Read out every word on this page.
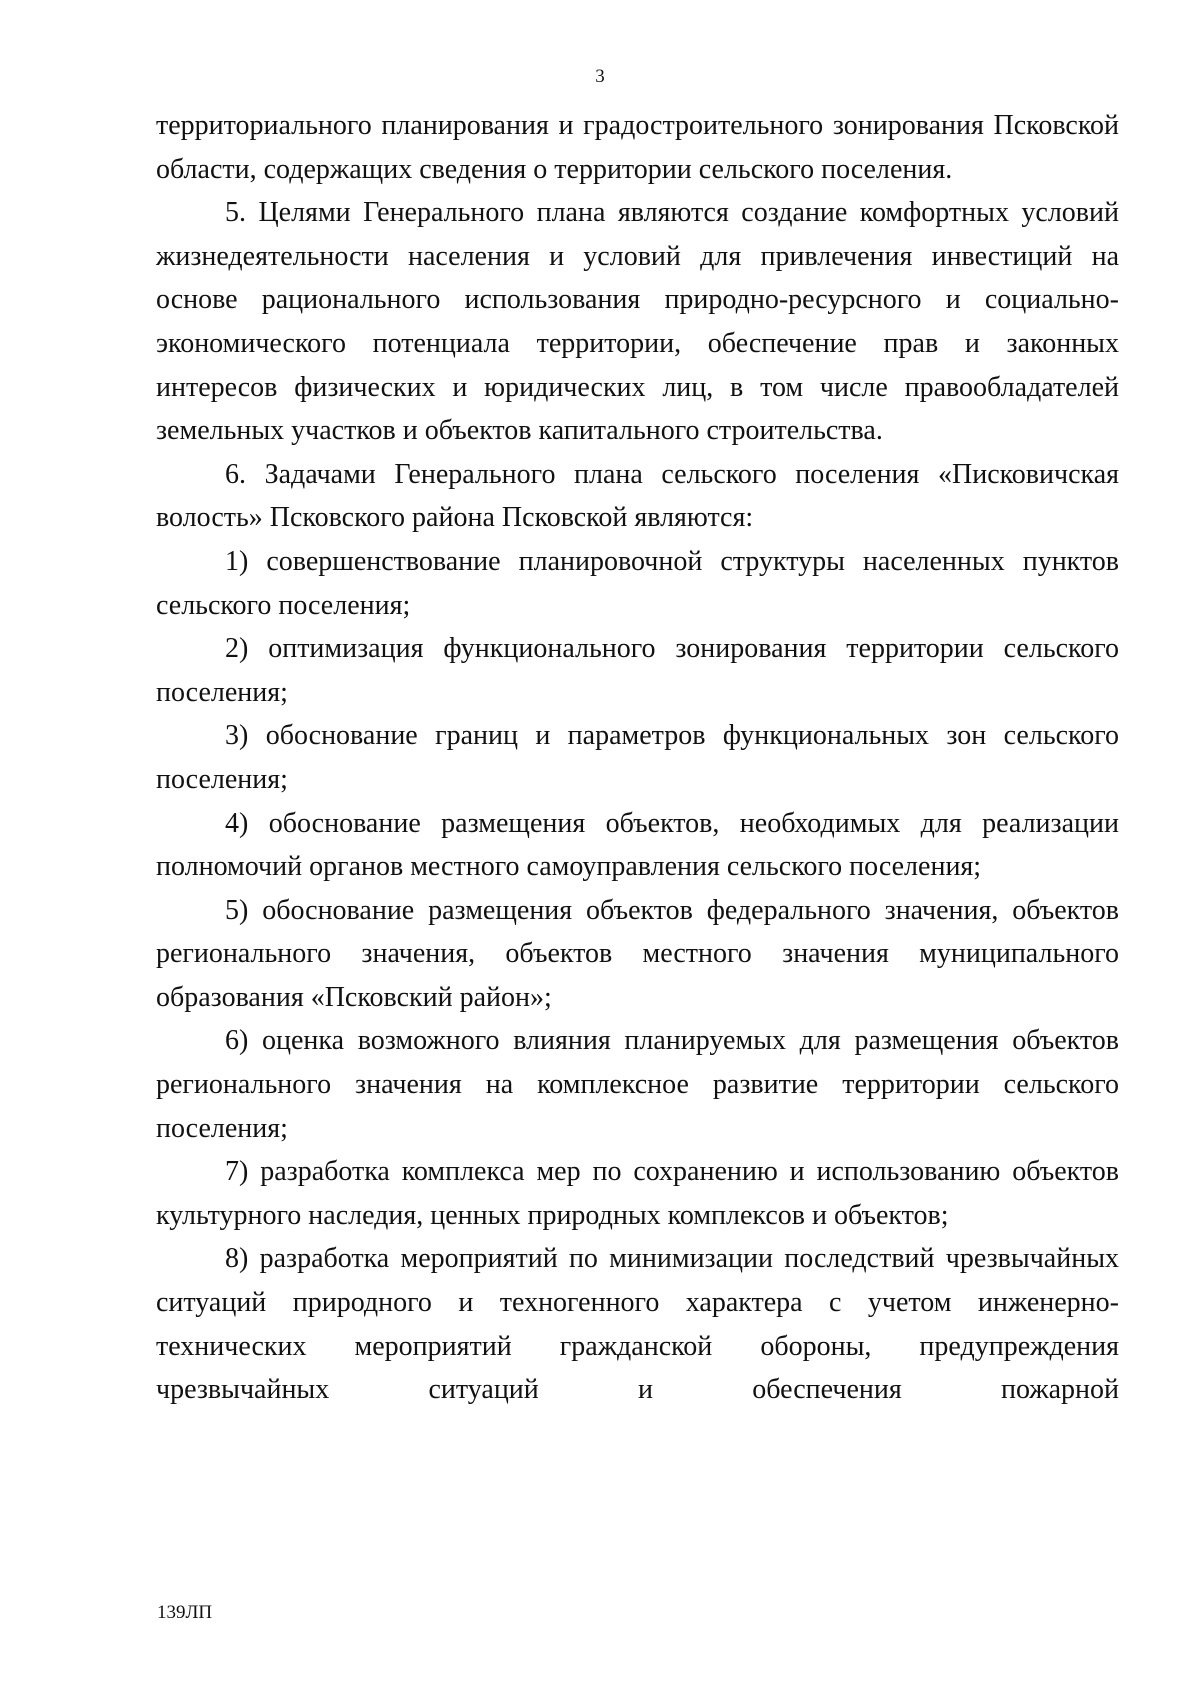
3

территориального планирования и градостроительного зонирования Псковской области, содержащих сведения о территории сельского поселения.

5. Целями Генерального плана являются создание комфортных условий жизнедеятельности населения и условий для привлечения инвестиций на основе рационального использования природно-ресурсного и социально-экономического потенциала территории, обеспечение прав и законных интересов физических и юридических лиц, в том числе правообладателей земельных участков и объектов капитального строительства.

6. Задачами Генерального плана сельского поселения «Писковичская волость» Псковского района Псковской являются:

1) совершенствование планировочной структуры населенных пунктов сельского поселения;

2) оптимизация функционального зонирования территории сельского поселения;

3) обоснование границ и параметров функциональных зон сельского поселения;

4) обоснование размещения объектов, необходимых для реализации полномочий органов местного самоуправления сельского поселения;

5) обоснование размещения объектов федерального значения, объектов регионального значения, объектов местного значения муниципального образования «Псковский район»;

6) оценка возможного влияния планируемых для размещения объектов регионального значения на комплексное развитие территории сельского поселения;

7) разработка комплекса мер по сохранению и использованию объектов культурного наследия, ценных природных комплексов и объектов;

8) разработка мероприятий по минимизации последствий чрезвычайных ситуаций природного и техногенного характера с учетом инженерно-технических мероприятий гражданской обороны, предупреждения чрезвычайных ситуаций и обеспечения пожарной

139ЛП
